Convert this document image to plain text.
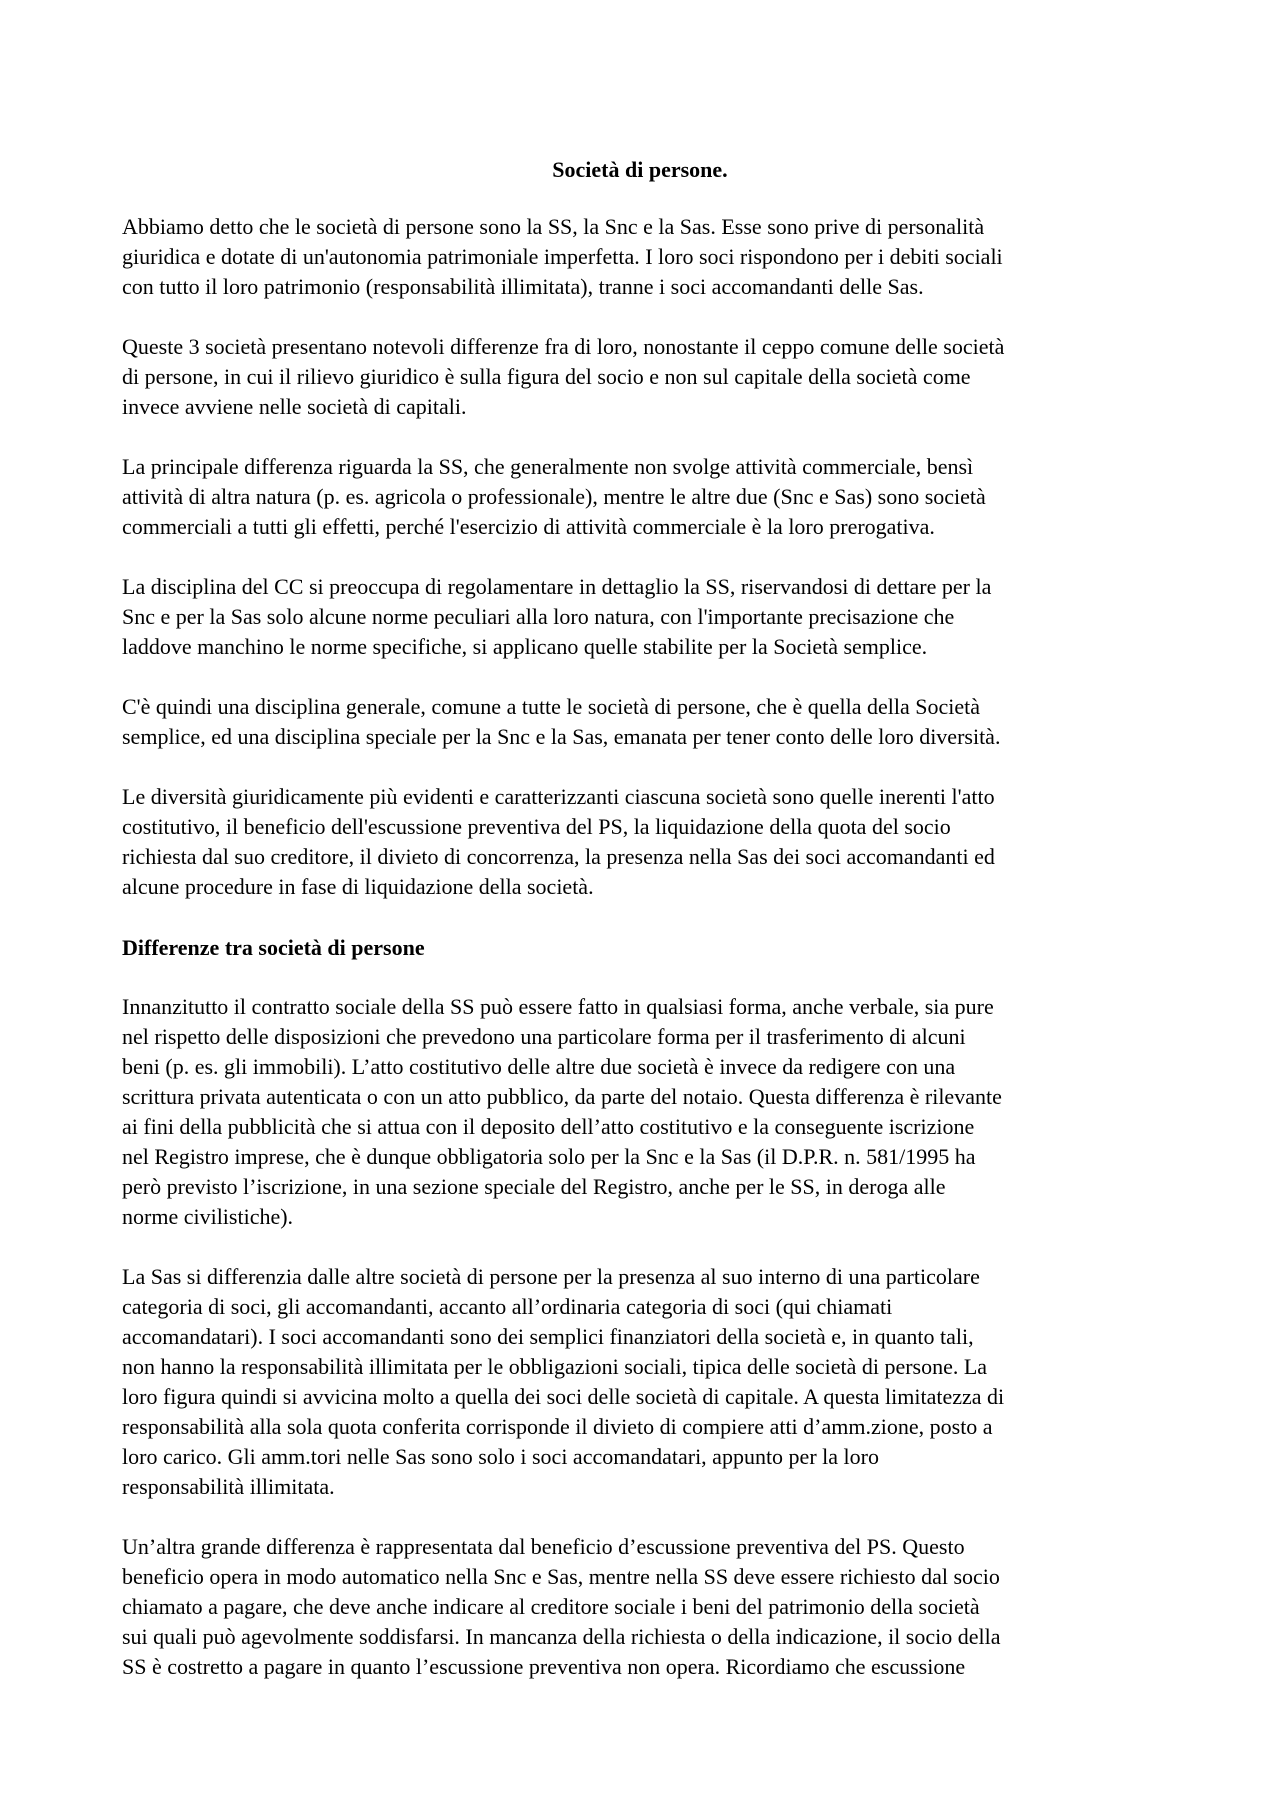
Società di persone.
Abbiamo detto che le società di persone sono la SS, la Snc e la Sas. Esse sono prive di personalità
giuridica e dotate di un'autonomia patrimoniale imperfetta. I loro soci rispondono per i debiti sociali
con tutto il loro patrimonio (responsabilità illimitata), tranne i soci accomandanti delle Sas.
Queste 3 società presentano notevoli differenze fra di loro, nonostante il ceppo comune delle società
di persone, in cui il rilievo giuridico è sulla figura del socio e non sul capitale della società come
invece avviene nelle società di capitali.
La principale differenza riguarda la SS, che generalmente non svolge attività commerciale, bensì
attività di altra natura (p. es. agricola o professionale), mentre le altre due (Snc e Sas) sono società
commerciali a tutti gli effetti, perché l'esercizio di attività commerciale è la loro prerogativa.
La disciplina del CC si preoccupa di regolamentare in dettaglio la SS, riservandosi di dettare per la
Snc e per la Sas solo alcune norme peculiari alla loro natura, con l'importante precisazione che
laddove manchino le norme specifiche, si applicano quelle stabilite per la Società semplice.
C'è quindi una disciplina generale, comune a tutte le società di persone, che è quella della Società
semplice, ed una disciplina speciale per la Snc e la Sas, emanata per tener conto delle loro diversità.
Le diversità giuridicamente più evidenti e caratterizzanti ciascuna società sono quelle inerenti l'atto
costitutivo, il beneficio dell'escussione preventiva del PS, la liquidazione della quota del socio
richiesta dal suo creditore, il divieto di concorrenza, la presenza nella Sas dei soci accomandanti ed
alcune procedure in fase di liquidazione della società.
Differenze tra società di persone
Innanzitutto il contratto sociale della SS può essere fatto in qualsiasi forma, anche verbale, sia pure
nel rispetto delle disposizioni che prevedono una particolare forma per il trasferimento di alcuni
beni (p. es. gli immobili). L’atto costitutivo delle altre due società è invece da redigere con una
scrittura privata autenticata o con un atto pubblico, da parte del notaio. Questa differenza è rilevante
ai fini della pubblicità che si attua con il deposito dell’atto costitutivo e la conseguente iscrizione
nel Registro imprese, che è dunque obbligatoria solo per la Snc e la Sas (il D.P.R. n. 581/1995 ha
però previsto l’iscrizione, in una sezione speciale del Registro, anche per le SS, in deroga alle
norme civilistiche).
La Sas si differenzia dalle altre società di persone per la presenza al suo interno di una particolare
categoria di soci, gli accomandanti, accanto all’ordinaria categoria di soci (qui chiamati
accomandatari). I soci accomandanti sono dei semplici finanziatori della società e, in quanto tali,
non hanno la responsabilità illimitata per le obbligazioni sociali, tipica delle società di persone. La
loro figura quindi si avvicina molto a quella dei soci delle società di capitale. A questa limitatezza di
responsabilità alla sola quota conferita corrisponde il divieto di compiere atti d’amm.zione, posto a
loro carico. Gli amm.tori nelle Sas sono solo i soci accomandatari, appunto per la loro
responsabilità illimitata.
Un’altra grande differenza è rappresentata dal beneficio d’escussione preventiva del PS. Questo
beneficio opera in modo automatico nella Snc e Sas, mentre nella SS deve essere richiesto dal socio
chiamato a pagare, che deve anche indicare al creditore sociale i beni del patrimonio della società
sui quali può agevolmente soddisfarsi. In mancanza della richiesta o della indicazione, il socio della
SS è costretto a pagare in quanto l’escussione preventiva non opera. Ricordiamo che escussione
